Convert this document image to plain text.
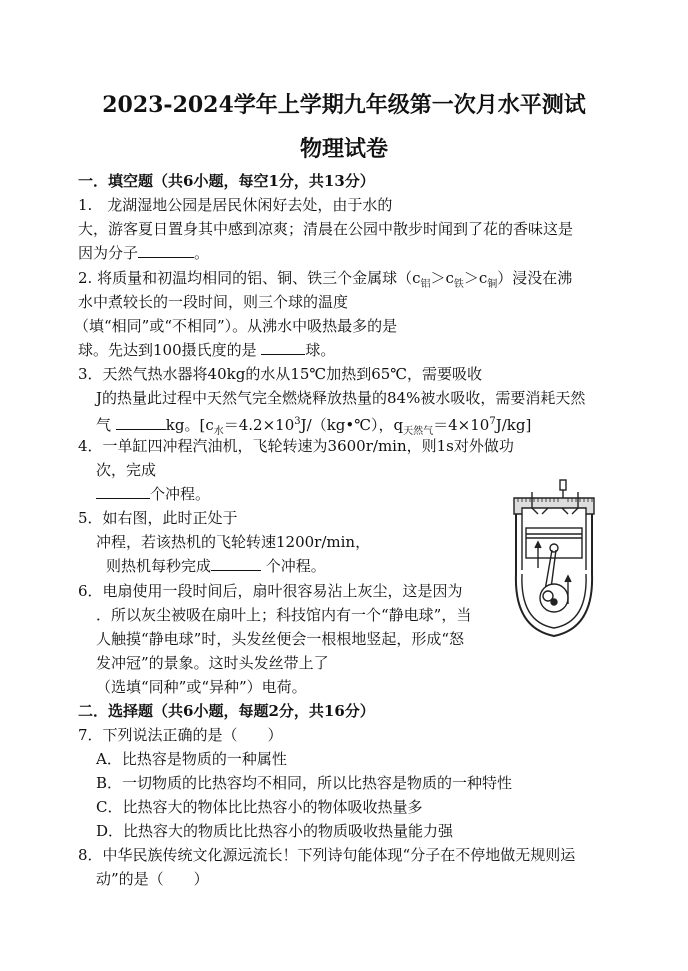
2023-2024学年上学期九年级第一次月水平测试
物理试卷
一．填空题（共6小题，每空1分，共13分）
1.　龙湖湿地公园是居民休闲好去处，由于水的
大，游客夏日置身其中感到凉爽；清晨在公园中散步时闻到了花的香味这是
因为分子	。
2. 将质量和初温均相同的铝、铜、铁三个金属球$(c_铝>c_铁>c_铜)$浸没在沸
水中煮较长的一段时间，则三个球的温度
（填“相同”或“不相同”）。从沸水中吸热最多的是
球。先达到100摄氏度的是	球。
3．天然气热水器将40kg的水从15℃加热到65℃，需要吸收
J的热量此过程中天然气完全燃烧释放热量的84%被水吸收，需要消耗天然
气	kg。[$c_水=4.2\times 10^3J/(kg•℃)$，$q_{天然气}=4\times 10^7J/kg$]
4．一单缸四冲程汽油机，飞轮转速为3600r/min，则1s对外做功
次，完成
个冲程。
5．如右图，此时正处于
冲程，若该热机的飞轮转速1200r/min，
则热机每秒完成	个冲程。
6．电扇使用一段时间后，扇叶很容易沾上灰尘，这是因为
．所以灰尘被吸在扇叶上；科技馆内有一个“静电球”，当
人触摸“静电球”时，头发丝便会一根根地竖起，形成“怒
发冲冠”的景象。这时头发丝带上了
（选填“同种”或“异种”）电荷。
二．选择题（共6小题，每题2分，共16分）
7．下列说法正确的是（　　）
A．比热容是物质的一种属性
B．一切物质的比热容均不相同，所以比热容是物质的一种特性
C．比热容大的物体比比热容小的物体吸收热量多
D．比热容大的物质比比热容小的物质吸收热量能力强
8．中华民族传统文化源远流长！下列诗句能体现“分子在不停地做无规则运
动”的是（　　）
